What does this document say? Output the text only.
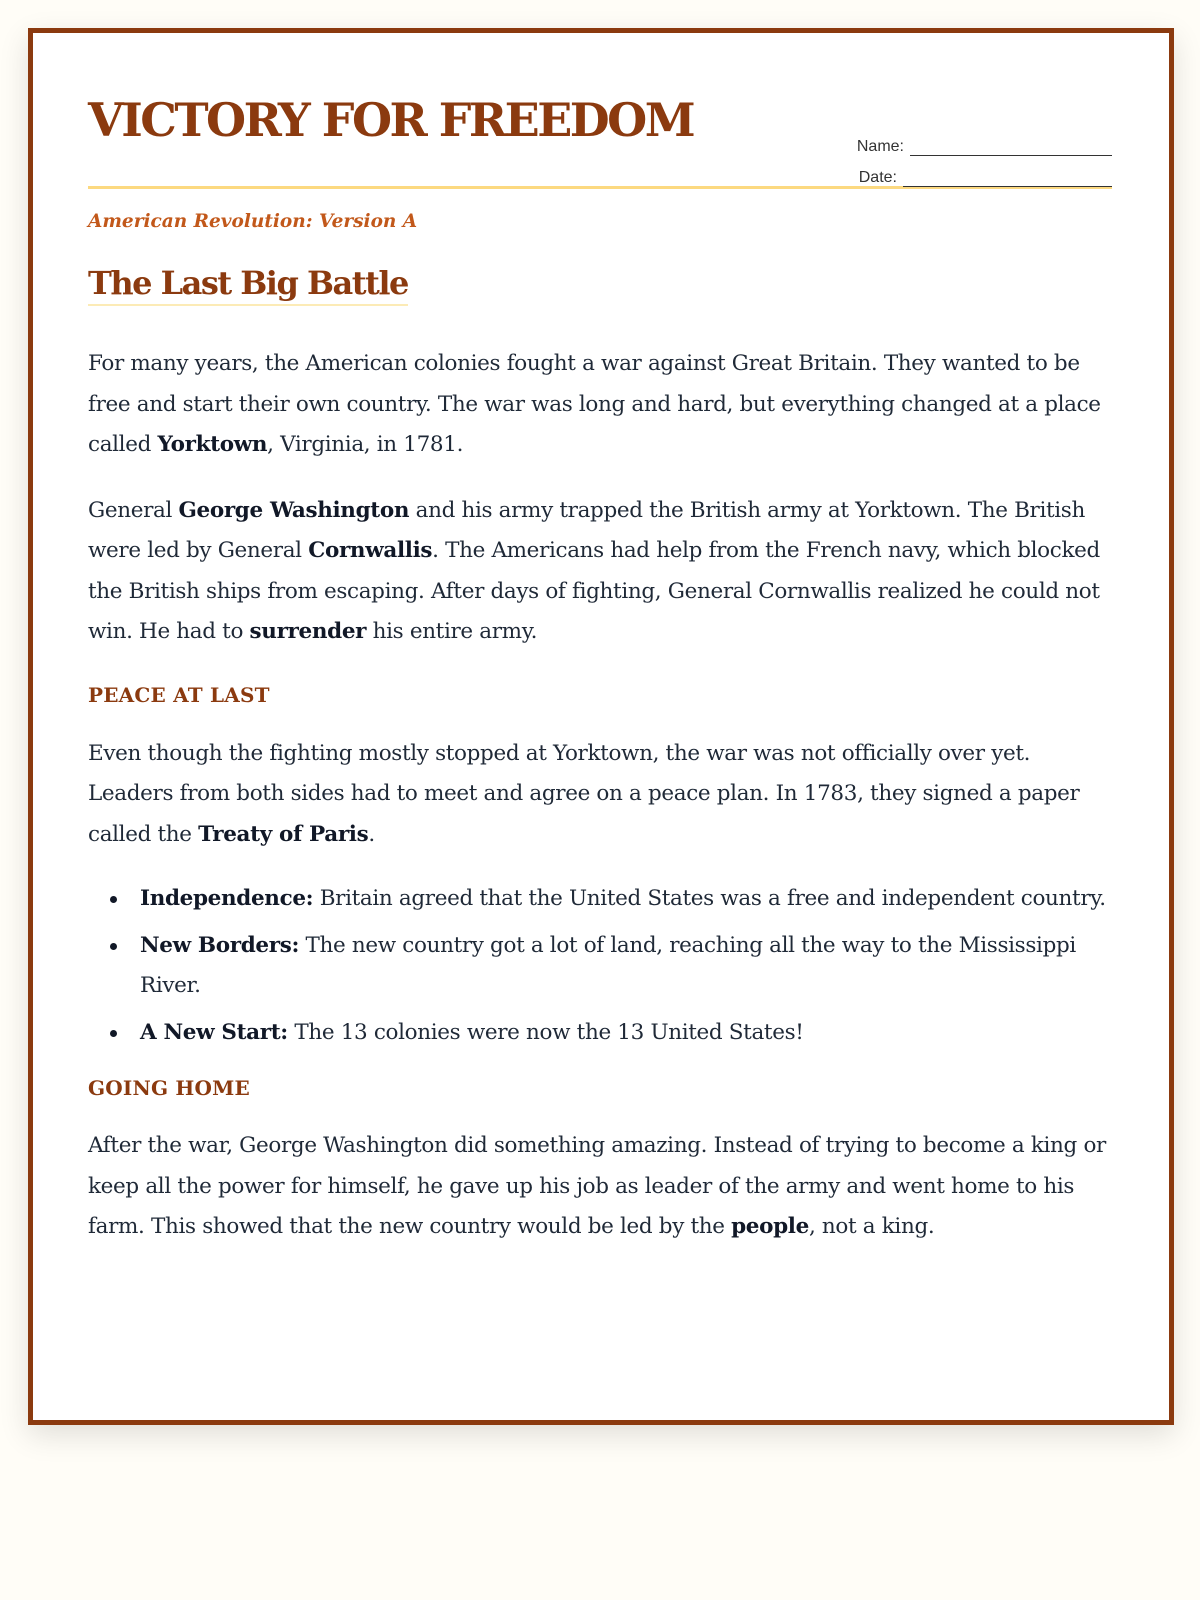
VICTORY FOR FREEDOM	Name:
Date:

American Revolution: Version A

The Last Big Battle

For many years, the American colonies fought a war against Great Britain. They wanted to be free and start their own country. The war was long and hard, but everything changed at a place called Yorktown, Virginia, in 1781.

General George Washington and his army trapped the British army at Yorktown. The British were led by General Cornwallis. The Americans had help from the French navy, which blocked the British ships from escaping. After days of fighting, General Cornwallis realized he could not win. He had to surrender his entire army.

PEACE AT LAST

Even though the fighting mostly stopped at Yorktown, the war was not officially over yet. Leaders from both sides had to meet and agree on a peace plan. In 1783, they signed a paper called the Treaty of Paris.

Independence: Britain agreed that the United States was a free and independent country.
New Borders: The new country got a lot of land, reaching all the way to the Mississippi River.
A New Start: The 13 colonies were now the 13 United States!
GOING HOME

After the war, George Washington did something amazing. Instead of trying to become a king or keep all the power for himself, he gave up his job as leader of the army and went home to his farm. This showed that the new country would be led by the people, not a king.
